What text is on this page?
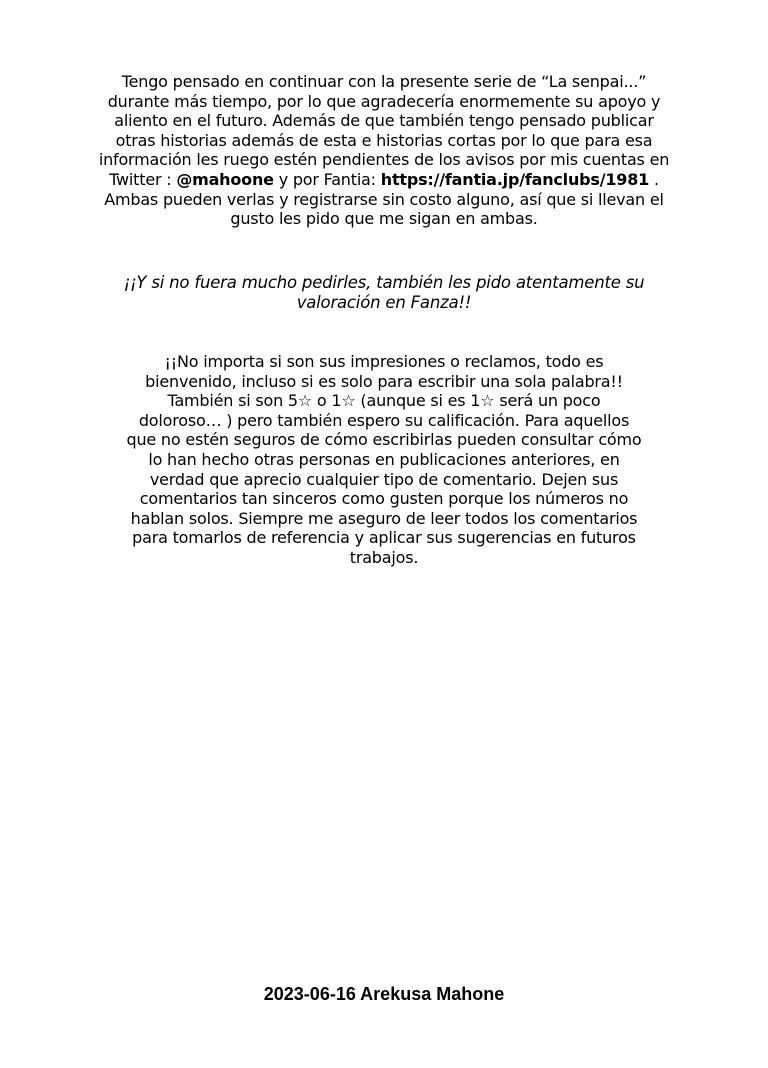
Tengo pensado en continuar con la presente serie de “La senpai...”
durante más tiempo, por lo que agradecería enormemente su apoyo y
aliento en el futuro. Además de que también tengo pensado publicar
otras historias además de esta e historias cortas por lo que para esa
información les ruego estén pendientes de los avisos por mis cuentas en
Twitter : @mahoone y por Fantia: https://fantia.jp/fanclubs/1981 .
Ambas pueden verlas y registrarse sin costo alguno, así que si llevan el
gusto les pido que me sigan en ambas.
¡¡Y si no fuera mucho pedirles, también les pido atentamente su
valoración en Fanza!!
¡¡No importa si son sus impresiones o reclamos, todo es
bienvenido, incluso si es solo para escribir una sola palabra!!
También si son 5☆ o 1☆ (aunque si es 1☆ será un poco
doloroso… ) pero también espero su calificación. Para aquellos
que no estén seguros de cómo escribirlas pueden consultar cómo
lo han hecho otras personas en publicaciones anteriores, en
verdad que aprecio cualquier tipo de comentario. Dejen sus
comentarios tan sinceros como gusten porque los números no
hablan solos. Siempre me aseguro de leer todos los comentarios
para tomarlos de referencia y aplicar sus sugerencias en futuros
trabajos.
2023-06-16 Arekusa Mahone
